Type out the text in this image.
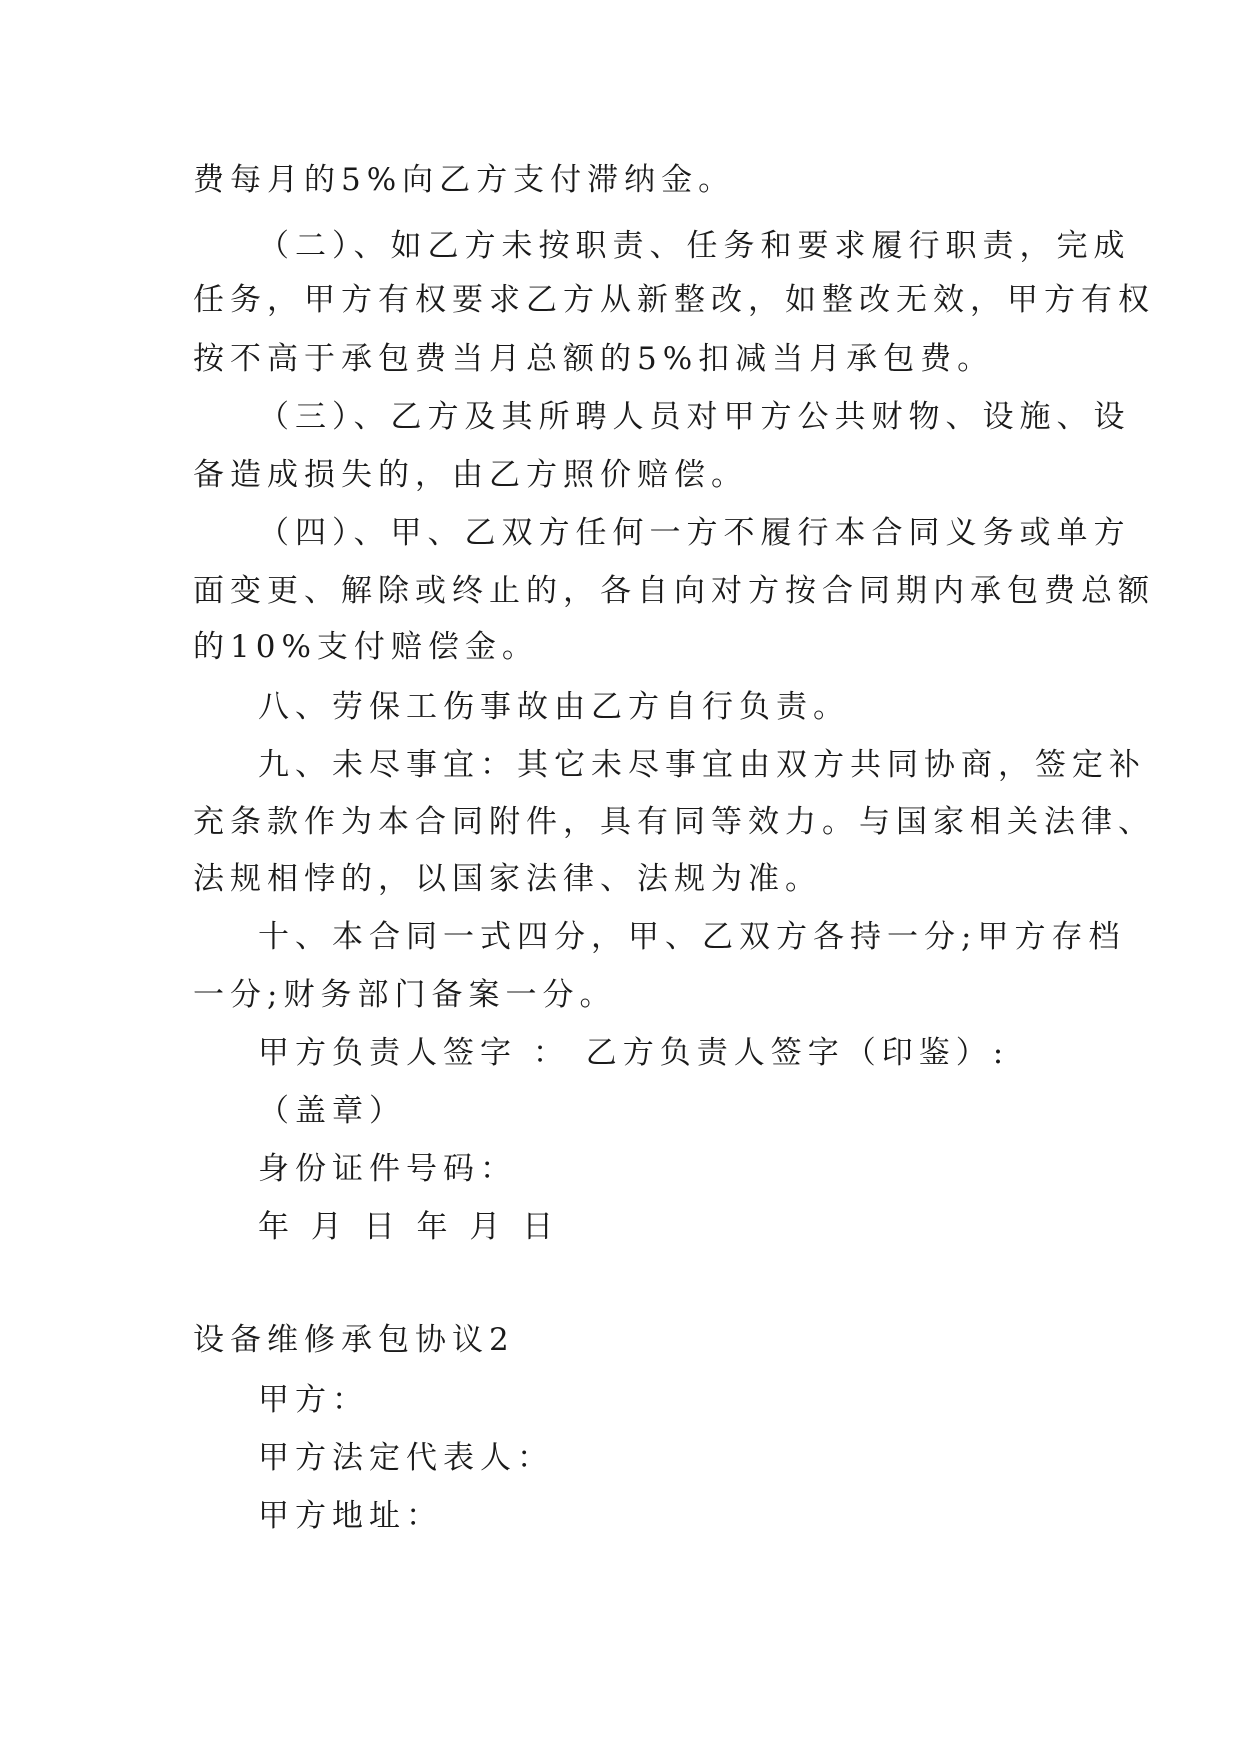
费每月的5%向乙方支付滞纳金。
（二）、如乙方未按职责、任务和要求履行职责，完成
任务，甲方有权要求乙方从新整改，如整改无效，甲方有权
按不高于承包费当月总额的5%扣减当月承包费。
（三）、乙方及其所聘人员对甲方公共财物、设施、设
备造成损失的，由乙方照价赔偿。
（四）、甲、乙双方任何一方不履行本合同义务或单方
面变更、解除或终止的，各自向对方按合同期内承包费总额
的10%支付赔偿金。
八、劳保工伤事故由乙方自行负责。
九、未尽事宜：其它未尽事宜由双方共同协商，签定补
充条款作为本合同附件，具有同等效力。与国家相关法律、
法规相悖的，以国家法律、法规为准。
十、本合同一式四分，甲、乙双方各持一分;甲方存档
一分;财务部门备案一分。
甲方负责人签字 ： 乙方负责人签字（印鉴）:
（盖章）
身份证件号码：
年 月 日 年 月 日
设备维修承包协议2
甲方：
甲方法定代表人：
甲方地址：
